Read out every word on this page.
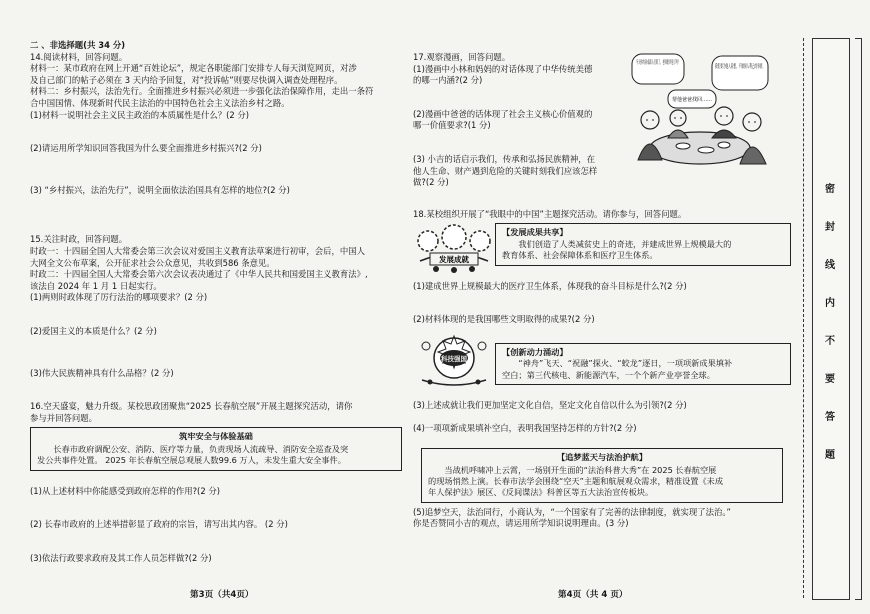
二 、非选择题(共 34 分)
14.阅读材料，回答问题。
材料一：某市政府在网上开通“百姓论坛”，规定各职能部门安排专人每天浏览网页，对涉
及自己部门的帖子必须在 3 天内给予回复，对“投诉帖”则要尽快调入调查处理程序。
材料二：乡村振兴，法治先行。全面推进乡村振兴必须进一步强化法治保障作用，走出一条符
合中国国情、体现新时代民主法治的中国特色社会主义法治乡村之路。
(1)材料一说明社会主义民主政治的本质属性是什么？(2 分)
(2)请运用所学知识回答我国为什么要全面推进乡村振兴?(2 分)
(3) “乡村振兴，法治先行”，说明全面依法治国具有怎样的地位?(2 分)
15.关注时政，回答问题。
时政一：十四届全国人大常委会第三次会议对爱国主义教育法草案进行初审，会后，中国人
大网全文公布草案，公开征求社会公众意见，共收到586 条意见。
时政二：十四届全国人大常委会第六次会议表决通过了《中华人民共和国爱国主义教育法》,
该法自 2024 年 1 月 1 日起实行。
(1)两则时政体现了厉行法治的哪项要求？(2 分)
(2)爱国主义的本质是什么？(2 分)
(3)伟大民族精神具有什么品格？(2 分)
16.空天盛宴，魅力升级。某校思政团聚焦“2025 长春航空展”开展主题探究活动，请你
参与并回答问题。
筑牢安全与体验基础
长春市政府调配公安、消防、医疗等力量，负责现场人流疏导、消防安全巡查及突
发公共事件处置。 2025 年长春航空展总观展人数99.6 万人，未发生重大安全事件。
(1)从上述材料中你能感受到政府怎样的作用?(2 分)
(2) 长春市政府的上述举措彰显了政府的宗旨，请写出其内容。 (2 分)
(3)依法行政要求政府及其工作人员怎样做?(2 分)
17.观察漫画，回答问题。
(1)漫画中小林和妈妈的对话体现了中华传统美德
的哪一内涵?(2 分)
(2)漫画中爸爸的话体现了社会主义核心价值观的
哪一价值要求?(1 分)
(3) 小吉的话启示我们，传承和弘扬民族精神，在
他人生命、财产遇到危险的关键时刻我们应该怎样
做?(2 分)
18.某校组织开展了“我眼中的中国”主题探究活动。请你参与，回答问题。
【发展成果共享】
我们创造了人类减贫史上的奇迹，并建成世界上规模最大的
教育体系、社会保障体系和医疗卫生体系。
(1)建成世界上规模最大的医疗卫生体系，体现我的奋斗目标是什么?(2 分)
(2)材料体现的是我国哪些文明取得的成果?(2 分)
【创新动力涌动】
“神舟”飞天、“祝融”探火、“蛟龙”逐日，一项项新成果填补
空白；第三代核电、新能源汽车，一个个新产业亭誉全球。
(3)上述成就让我们更加坚定文化自信，坚定文化自信以什么为引领?(2 分)
(4)一项项新成果填补空白，表明我国坚持怎样的方针?(2 分)
【追梦蓝天与法治护航】
当战机呼啸冲上云霄，一场别开生面的“法治科普大秀”在 2025 长春航空展
的现场悄然上演。长春市法学会围绕“空天”主题和航展观众需求，精准设置《未成
年人保护法》展区、《反间谍法》科普区等五大法治宣传板块。
(5)追梦空天，法治同行，小商认为，“一个国家有了完善的法律制度，就实现了法治。”
你是否赞同小吉的观点，请运用所学知识说明理由。(3 分)
帮他爸爸找回……
发展成就
科技强国
第3页（共4页）	第4页（共 4 页）
密
封
线
内
不
要
答
题
